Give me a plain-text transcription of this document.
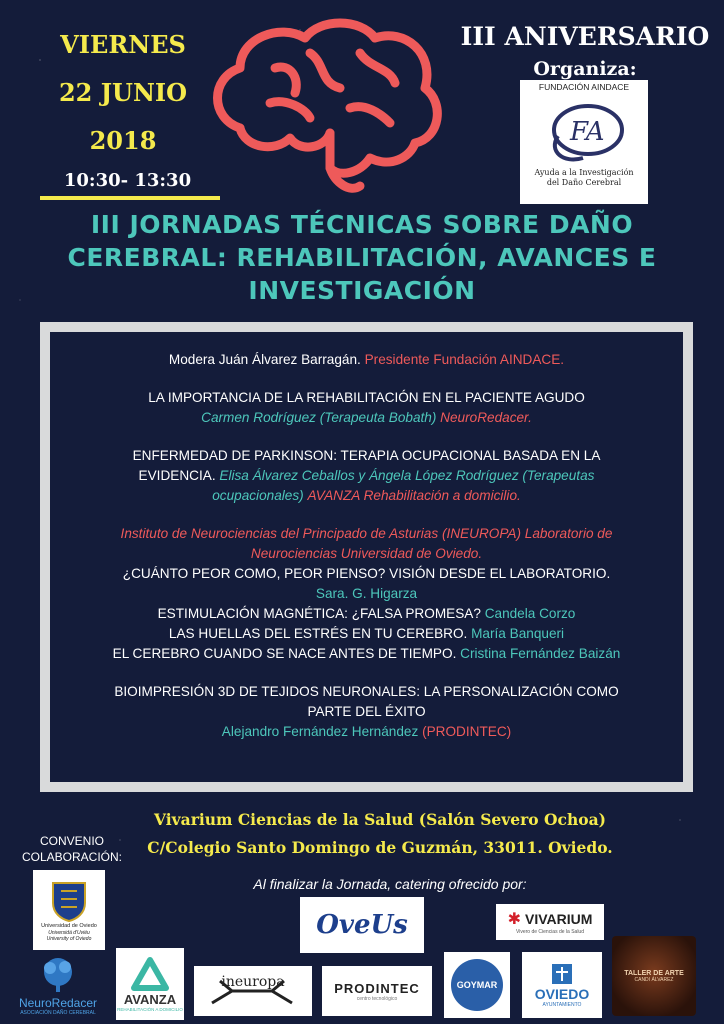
VIERNES
22 JUNIO
2018
10:30- 13:30
III ANIVERSARIO
Organiza:
FUNDACIÓN AINDACE
FA
Ayuda a la Investigación
del Daño Cerebral
III JORNADAS TÉCNICAS SOBRE DAÑO
CEREBRAL: REHABILITACIÓN, AVANCES E
INVESTIGACIÓN

Modera Juán Álvarez Barragán. Presidente Fundación AINDACE.

LA IMPORTANCIA DE LA REHABILITACIÓN EN EL PACIENTE AGUDO

Carmen Rodríguez (Terapeuta Bobath) NeuroRedacer.

ENFERMEDAD DE PARKINSON: TERAPIA OCUPACIONAL BASADA EN LA

EVIDENCIA. Elisa Álvarez Ceballos y Ángela López Rodríguez (Terapeutas

ocupacionales) AVANZA Rehabilitación a domicilio.

Instituto de Neurociencias del Principado de Asturias (INEUROPA) Laboratorio de

Neurociencias Universidad de Oviedo.

¿CUÁNTO PEOR COMO, PEOR PIENSO? VISIÓN DESDE EL LABORATORIO.

Sara. G. Higarza

ESTIMULACIÓN MAGNÉTICA: ¿FALSA PROMESA? Candela Corzo

LAS HUELLAS DEL ESTRÉS EN TU CEREBRO. María Banqueri

EL CEREBRO CUANDO SE NACE ANTES DE TIEMPO. Cristina Fernández Baizán

BIOIMPRESIÓN 3D DE TEJIDOS NEURONALES: LA PERSONALIZACIÓN COMO

PARTE DEL ÉXITO

Alejandro Fernández Hernández (PRODINTEC)

Vivarium Ciencias de la Salud (Salón Severo Ochoa)
C/Colegio Santo Domingo de Guzmán, 33011. Oviedo.
CONVENIO
COLABORACIÓN:
Al finalizar la Jornada, catering ofrecido por:
Universidad de Oviedo
Universidá d'Uviéu
University of Oviedo
NeuroRedacer
ASOCIACIÓN DAÑO CEREBRAL
AVANZA
REHABILITACIÓN A DOMICILIO
ineuropa
OveUs
PRODINTEC
centro tecnológico
GOYMAR
✱ VIVARIUM
Vivero de Ciencias de la Salud
OVIEDO
AYUNTAMIENTO
TALLER DE ARTE
CANDI ÁLVAREZ
